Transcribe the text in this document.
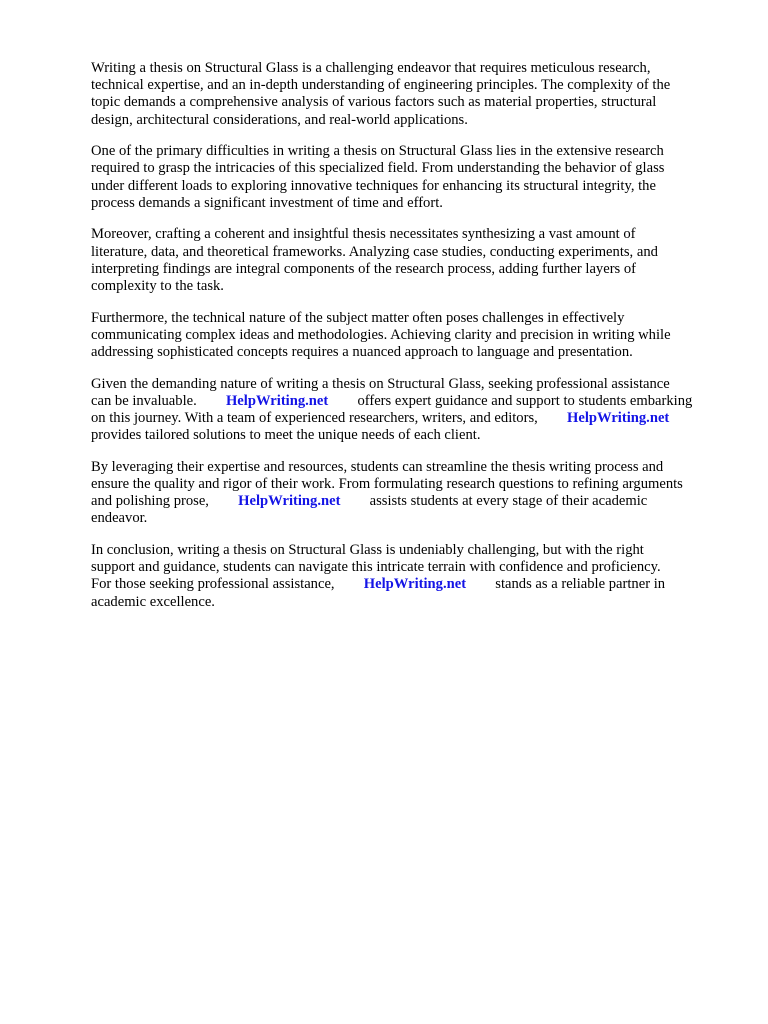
Writing a thesis on Structural Glass is a challenging endeavor that requires meticulous research,
technical expertise, and an in-depth understanding of engineering principles. The complexity of the
topic demands a comprehensive analysis of various factors such as material properties, structural
design, architectural considerations, and real-world applications.

One of the primary difficulties in writing a thesis on Structural Glass lies in the extensive research
required to grasp the intricacies of this specialized field. From understanding the behavior of glass
under different loads to exploring innovative techniques for enhancing its structural integrity, the
process demands a significant investment of time and effort.

Moreover, crafting a coherent and insightful thesis necessitates synthesizing a vast amount of
literature, data, and theoretical frameworks. Analyzing case studies, conducting experiments, and
interpreting findings are integral components of the research process, adding further layers of
complexity to the task.

Furthermore, the technical nature of the subject matter often poses challenges in effectively
communicating complex ideas and methodologies. Achieving clarity and precision in writing while
addressing sophisticated concepts requires a nuanced approach to language and presentation.

Given the demanding nature of writing a thesis on Structural Glass, seeking professional assistance
can be invaluable. HelpWriting.net offers expert guidance and support to students embarking
on this journey. With a team of experienced researchers, writers, and editors, HelpWriting.net
provides tailored solutions to meet the unique needs of each client.

By leveraging their expertise and resources, students can streamline the thesis writing process and
ensure the quality and rigor of their work. From formulating research questions to refining arguments
and polishing prose, HelpWriting.net assists students at every stage of their academic
endeavor.

In conclusion, writing a thesis on Structural Glass is undeniably challenging, but with the right
support and guidance, students can navigate this intricate terrain with confidence and proficiency.
For those seeking professional assistance, HelpWriting.net stands as a reliable partner in
academic excellence.
